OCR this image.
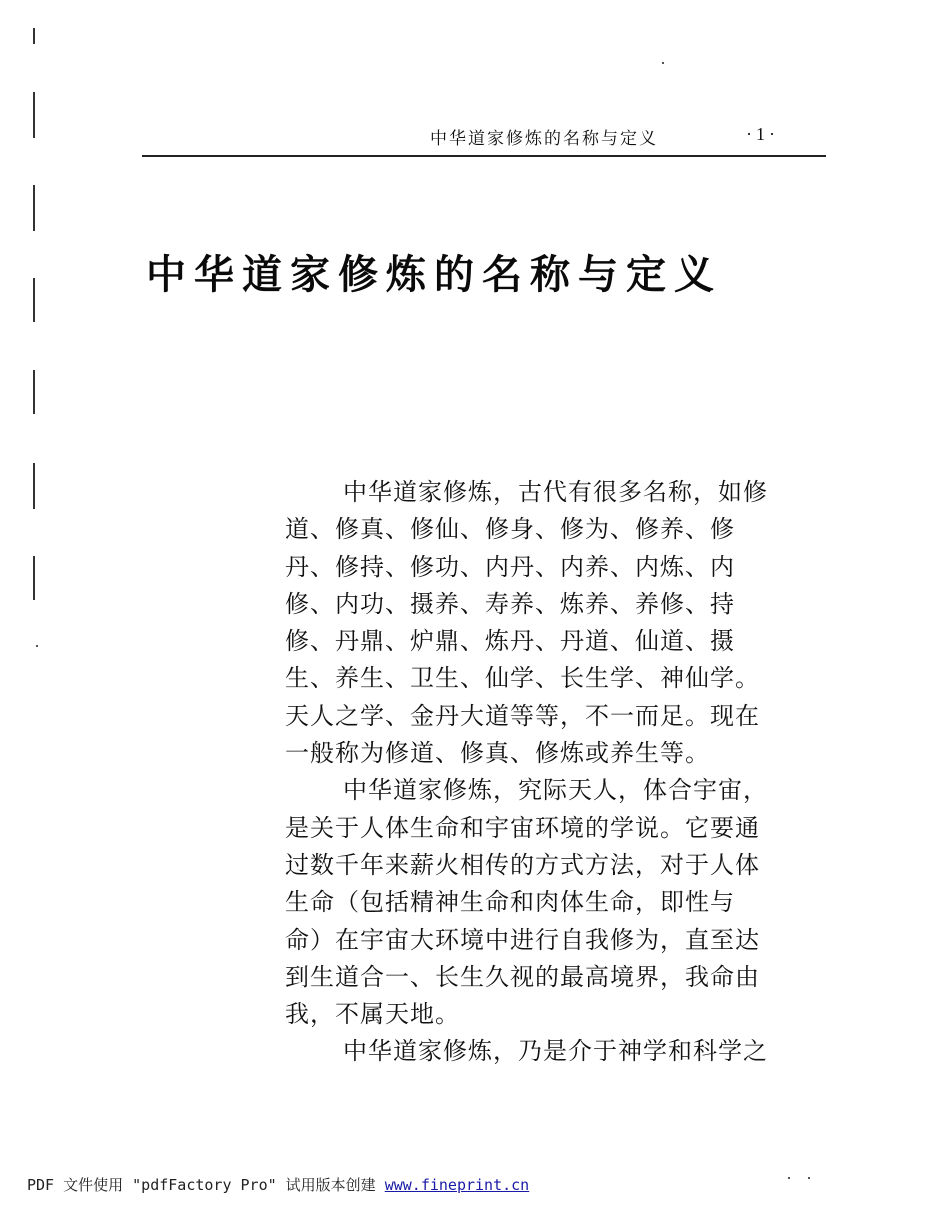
中华道家修炼的名称与定义	·1·
中华道家修炼的名称与定义
中华道家修炼，古代有很多名称，如修
道、修真、修仙、修身、修为、修养、修
丹、修持、修功、内丹、内养、内炼、内
修、内功、摄养、寿养、炼养、养修、持
修、丹鼎、炉鼎、炼丹、丹道、仙道、摄
生、养生、卫生、仙学、长生学、神仙学。
天人之学、金丹大道等等，不一而足。现在
一般称为修道、修真、修炼或养生等。
中华道家修炼，究际天人，体合宇宙，
是关于人体生命和宇宙环境的学说。它要通
过数千年来薪火相传的方式方法，对于人体
生命（包括精神生命和肉体生命，即性与
命）在宇宙大环境中进行自我修为，直至达
到生道合一、长生久视的最高境界，我命由
我，不属天地。
中华道家修炼，乃是介于神学和科学之
PDF 文件使用 "pdfFactory Pro" 试用版本创建 www.fineprint.cn
